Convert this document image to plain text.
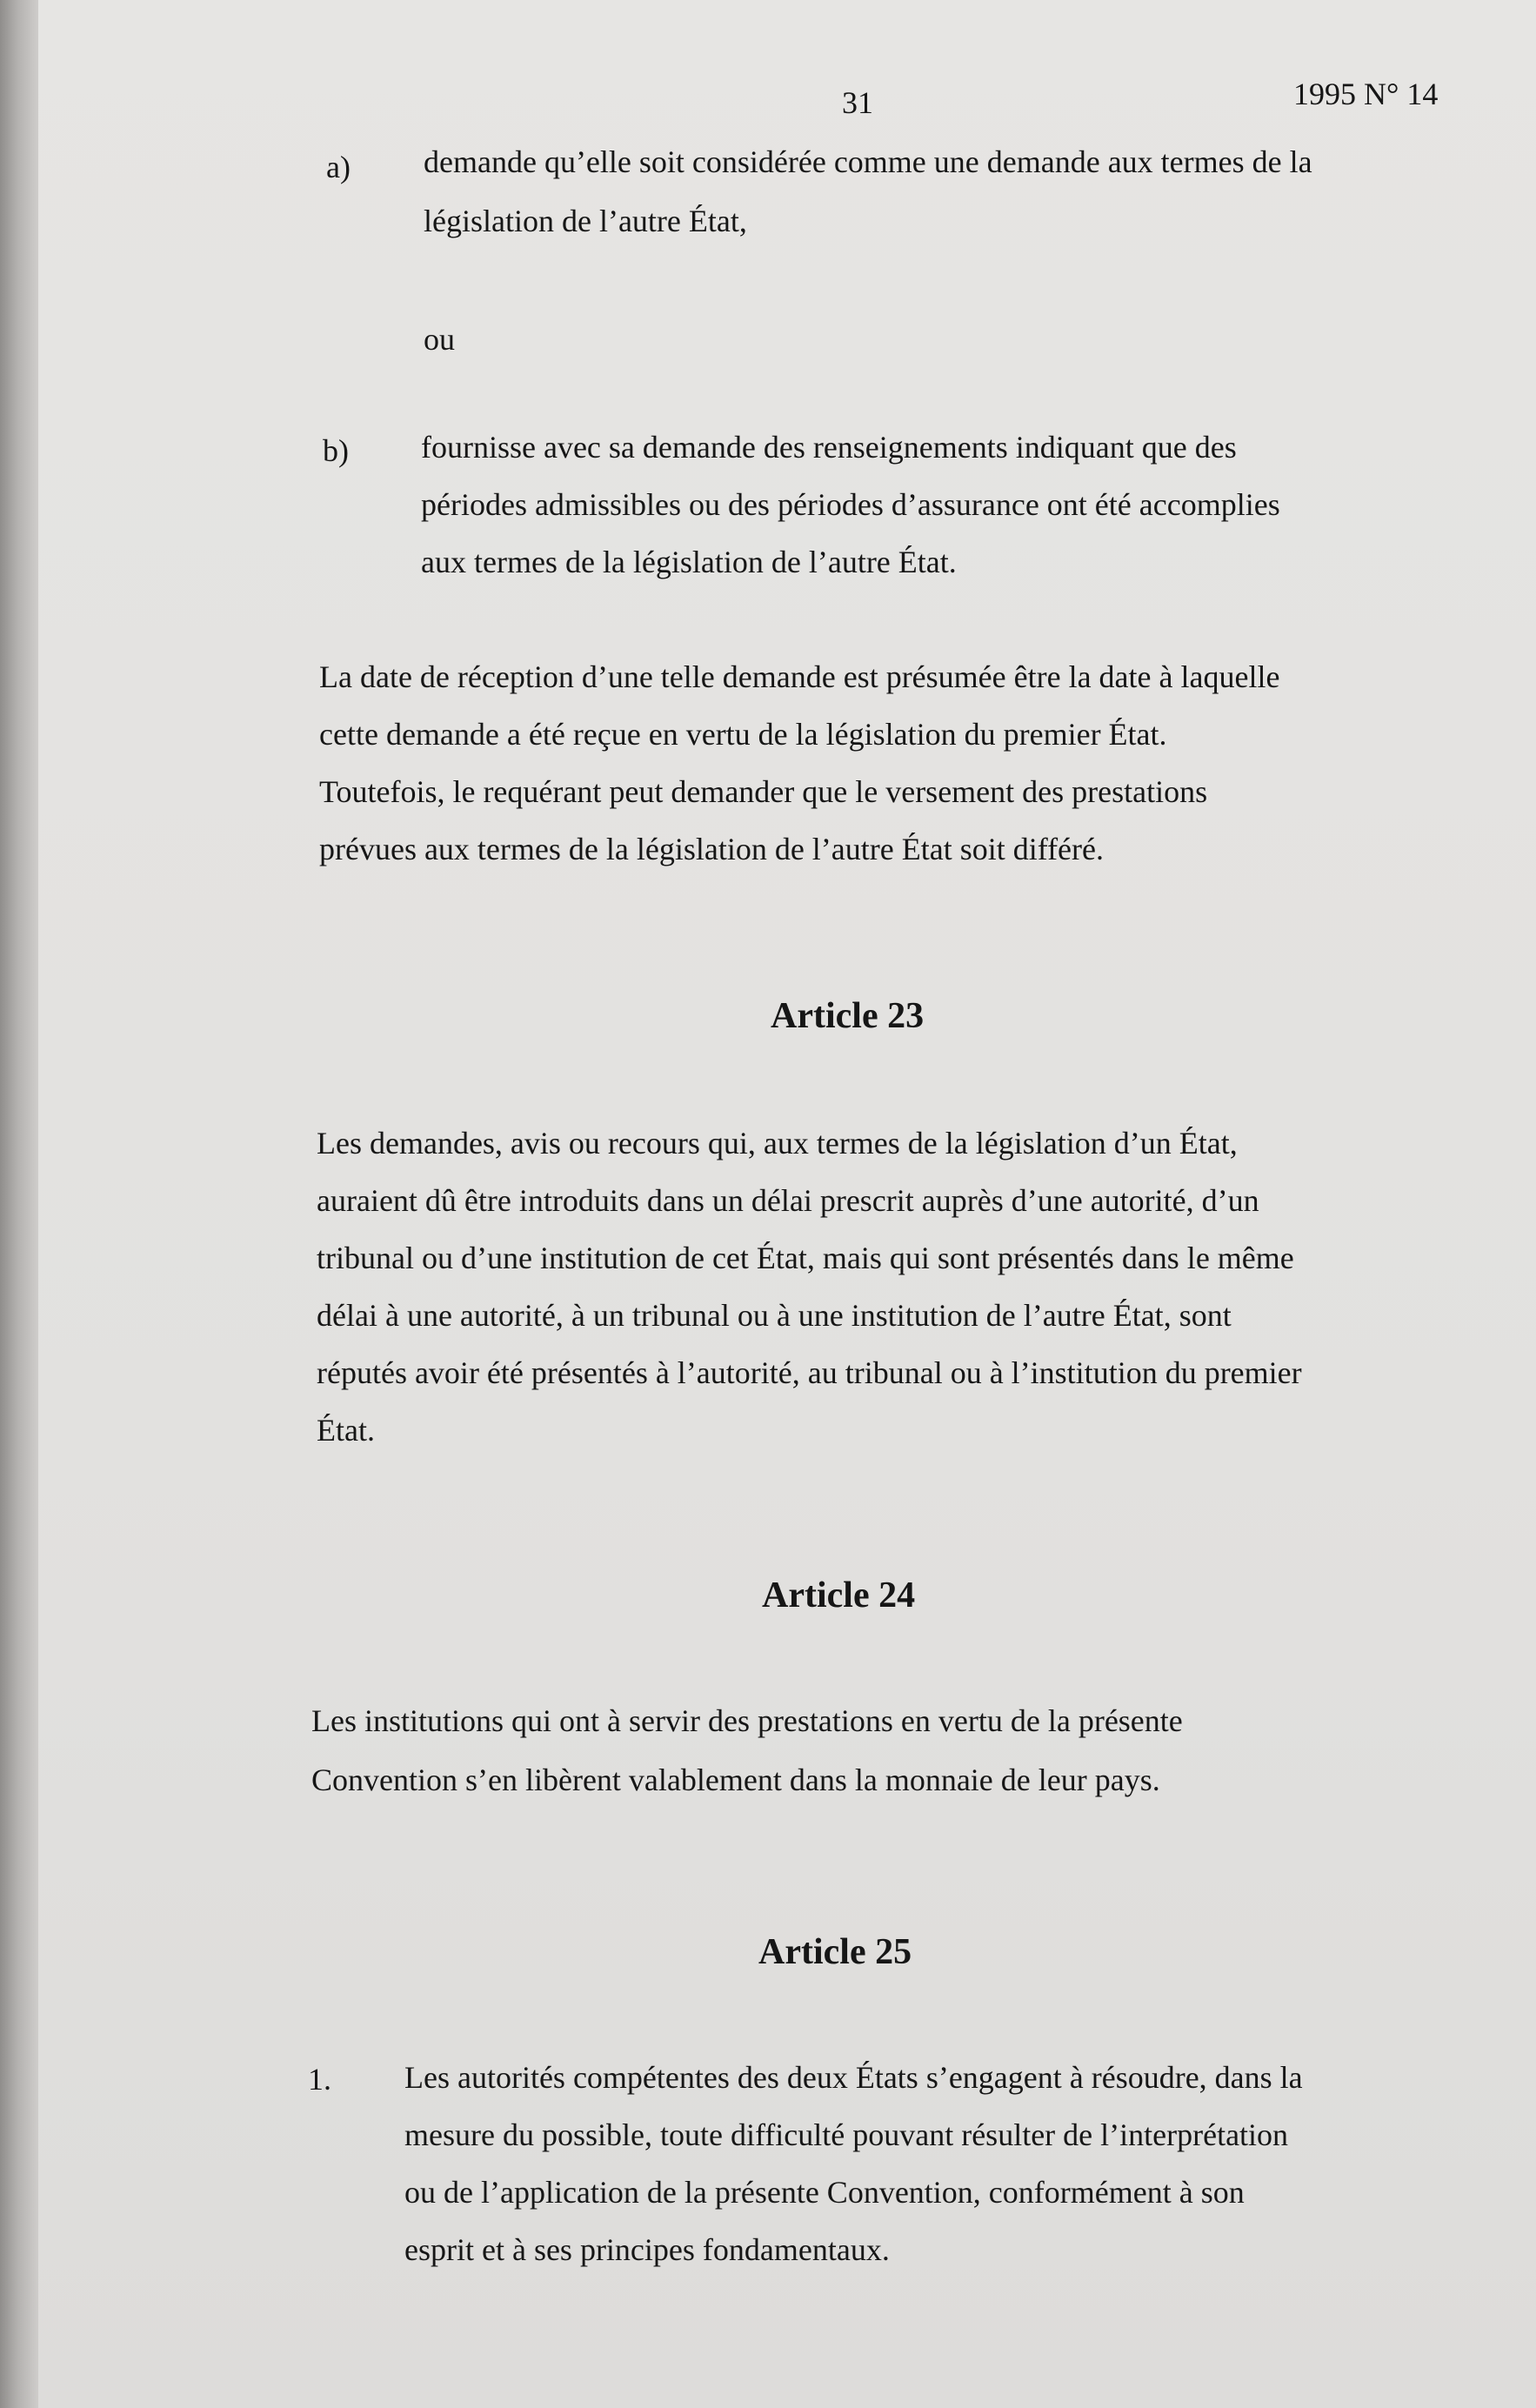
31	1995 N° 14
a) demande qu’elle soit considérée comme une demande aux termes de la
législation de l’autre État,
ou
b) fournisse avec sa demande des renseignements indiquant que des
périodes admissibles ou des périodes d’assurance ont été accomplies
aux termes de la législation de l’autre État.
La date de réception d’une telle demande est présumée être la date à laquelle
cette demande a été reçue en vertu de la législation du premier État.
Toutefois, le requérant peut demander que le versement des prestations
prévues aux termes de la législation de l’autre État soit différé.
Article 23
Les demandes, avis ou recours qui, aux termes de la législation d’un État,
auraient dû être introduits dans un délai prescrit auprès d’une autorité, d’un
tribunal ou d’une institution de cet État, mais qui sont présentés dans le même
délai à une autorité, à un tribunal ou à une institution de l’autre État, sont
réputés avoir été présentés à l’autorité, au tribunal ou à l’institution du premier
État.
Article 24
Les institutions qui ont à servir des prestations en vertu de la présente
Convention s’en libèrent valablement dans la monnaie de leur pays.
Article 25
1. Les autorités compétentes des deux États s’engagent à résoudre, dans la
mesure du possible, toute difficulté pouvant résulter de l’interprétation
ou de l’application de la présente Convention, conformément à son
esprit et à ses principes fondamentaux.
